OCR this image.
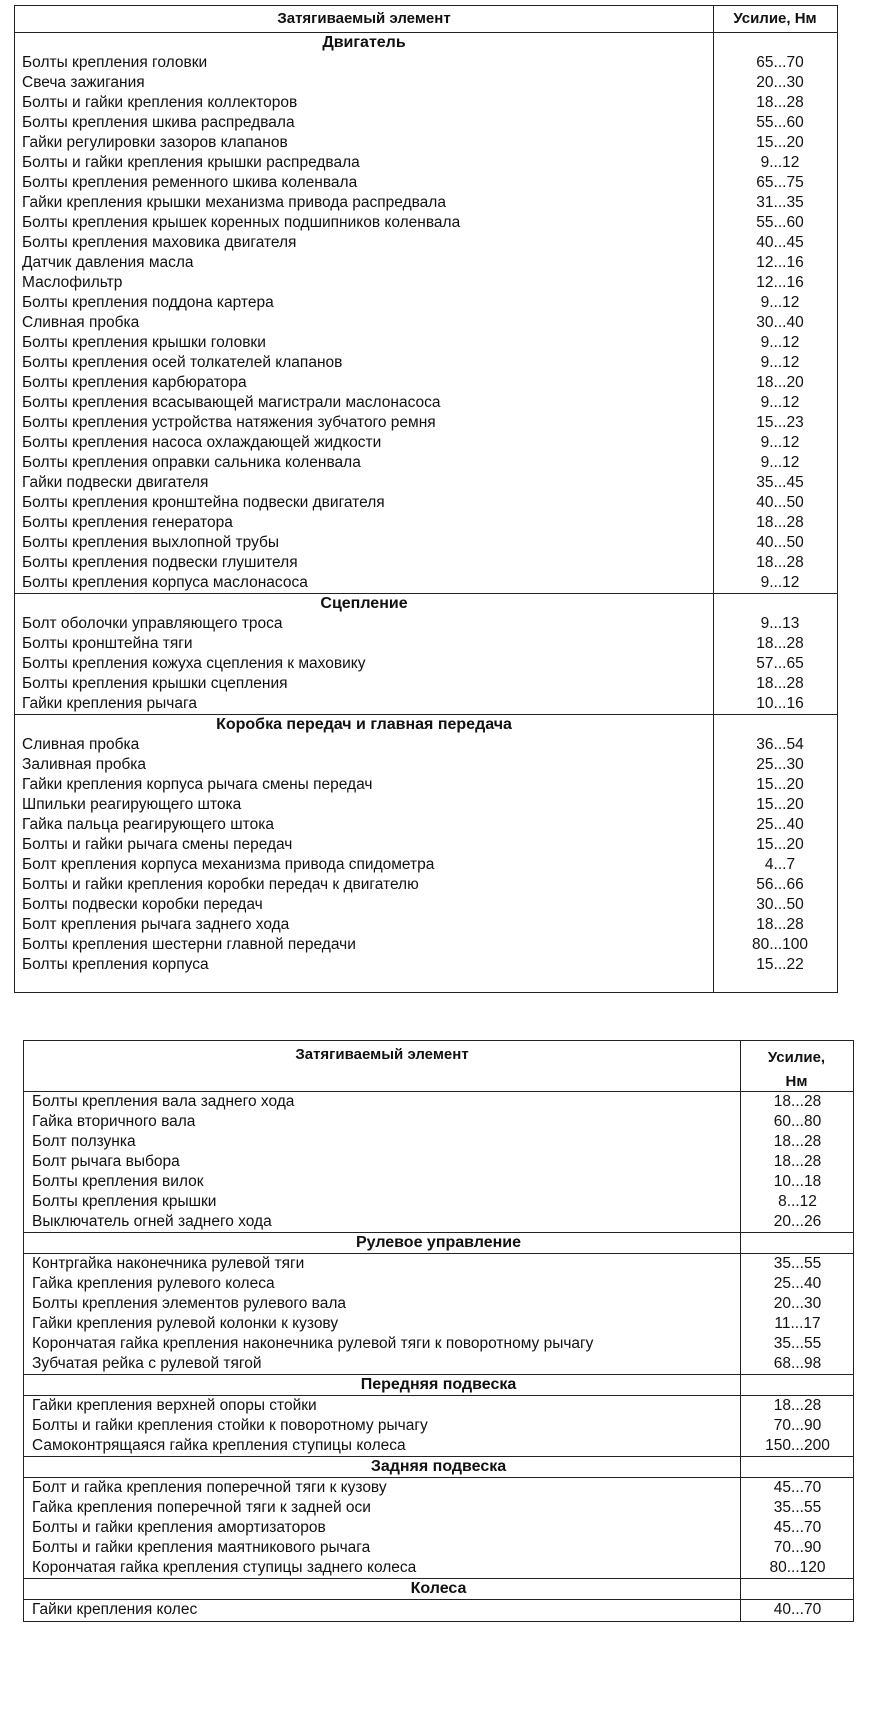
Затягиваемый элемент	Усилие, Нм
Двигатель
Болты крепления головки	65...70
Свеча зажигания	20...30
Болты и гайки крепления коллекторов	18...28
Болты крепления шкива распредвала	55...60
Гайки регулировки зазоров клапанов	15...20
Болты и гайки крепления крышки распредвала	9...12
Болты крепления ременного шкива коленвала	65...75
Гайки крепления крышки механизма привода распредвала	31...35
Болты крепления крышек коренных подшипников коленвала	55...60
Болты крепления маховика двигателя	40...45
Датчик давления масла	12...16
Маслофильтр	12...16
Болты крепления поддона картера	9...12
Сливная пробка	30...40
Болты крепления крышки головки	9...12
Болты крепления осей толкателей клапанов	9...12
Болты крепления карбюратора	18...20
Болты крепления всасывающей магистрали маслонасоса	9...12
Болты крепления устройства натяжения зубчатого ремня	15...23
Болты крепления насоса охлаждающей жидкости	9...12
Болты крепления оправки сальника коленвала	9...12
Гайки подвески двигателя	35...45
Болты крепления кронштейна подвески двигателя	40...50
Болты крепления генератора	18...28
Болты крепления выхлопной трубы	40...50
Болты крепления подвески глушителя	18...28
Болты крепления корпуса маслонасоса	9...12
Сцепление
Болт оболочки управляющего троса	9...13
Болты кронштейна тяги	18...28
Болты крепления кожуха сцепления к маховику	57...65
Болты крепления крышки сцепления	18...28
Гайки крепления рычага	10...16
Коробка передач и главная передача
Сливная пробка	36...54
Заливная пробка	25...30
Гайки крепления корпуса рычага смены передач	15...20
Шпильки реагирующего штока	15...20
Гайка пальца реагирующего штока	25...40
Болты и гайки рычага смены передач	15...20
Болт крепления корпуса механизма привода спидометра	4...7
Болты и гайки крепления коробки передач к двигателю	56...66
Болты подвески коробки передач	30...50
Болт крепления рычага заднего хода	18...28
Болты крепления шестерни главной передачи	80...100
Болты крепления корпуса	15...22
Затягиваемый элемент	Усилие,
Нм
Болты крепления вала заднего хода	18...28
Гайка вторичного вала	60...80
Болт ползунка	18...28
Болт рычага выбора	18...28
Болты крепления вилок	10...18
Болты крепления крышки	8...12
Выключатель огней заднего хода	20...26
Рулевое управление
Контргайка наконечника рулевой тяги	35...55
Гайка крепления рулевого колеса	25...40
Болты крепления элементов рулевого вала	20...30
Гайки крепления рулевой колонки к кузову	11...17
Корончатая гайка крепления наконечника рулевой тяги к поворотному рычагу	35...55
Зубчатая рейка с рулевой тягой	68...98
Передняя подвеска
Гайки крепления верхней опоры стойки	18...28
Болты и гайки крепления стойки к поворотному рычагу	70...90
Самоконтрящаяся гайка крепления ступицы колеса	150...200
Задняя подвеска
Болт и гайка крепления поперечной тяги к кузову	45...70
Гайка крепления поперечной тяги к задней оси	35...55
Болты и гайки крепления амортизаторов	45...70
Болты и гайки крепления маятникового рычага	70...90
Корончатая гайка крепления ступицы заднего колеса	80...120
Колеса
Гайки крепления колес	40...70
